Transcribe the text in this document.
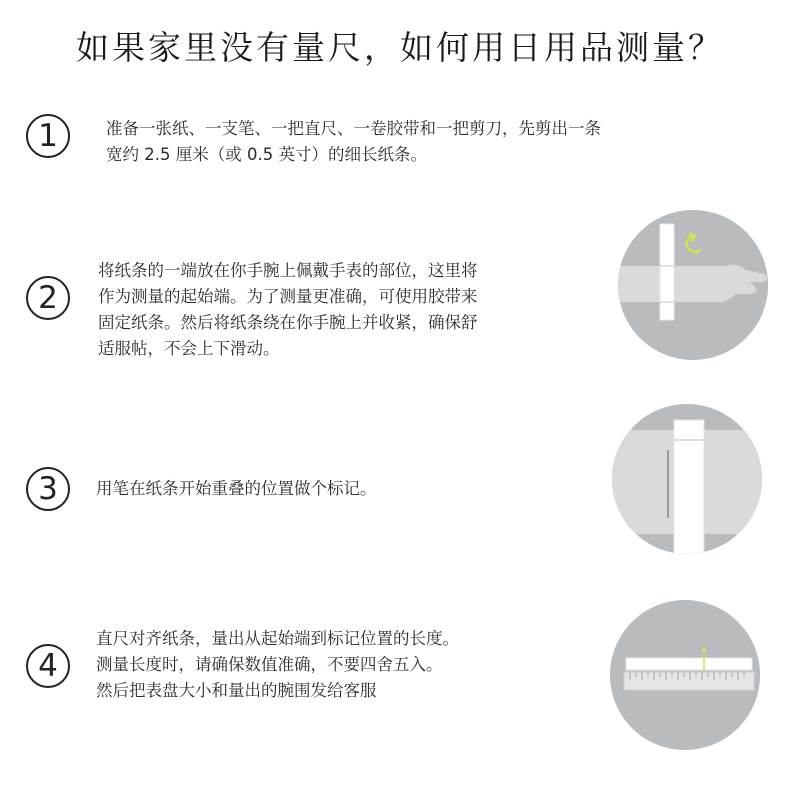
如果家里没有量尺，如何用日用品测量？
1	准备一张纸、一支笔、一把直尺、一卷胶带和一把剪刀，先剪出一条
宽约 2.5 厘米（或 0.5 英寸）的细长纸条。
2
将纸条的一端放在你手腕上佩戴手表的部位，这里将
作为测量的起始端。为了测量更准确，可使用胶带来
固定纸条。然后将纸条绕在你手腕上并收紧，确保舒
适服帖，不会上下滑动。
3	用笔在纸条开始重叠的位置做个标记。
4
直尺对齐纸条，量出从起始端到标记位置的长度。
测量长度时，请确保数值准确，不要四舍五入。
然后把表盘大小和量出的腕围发给客服
